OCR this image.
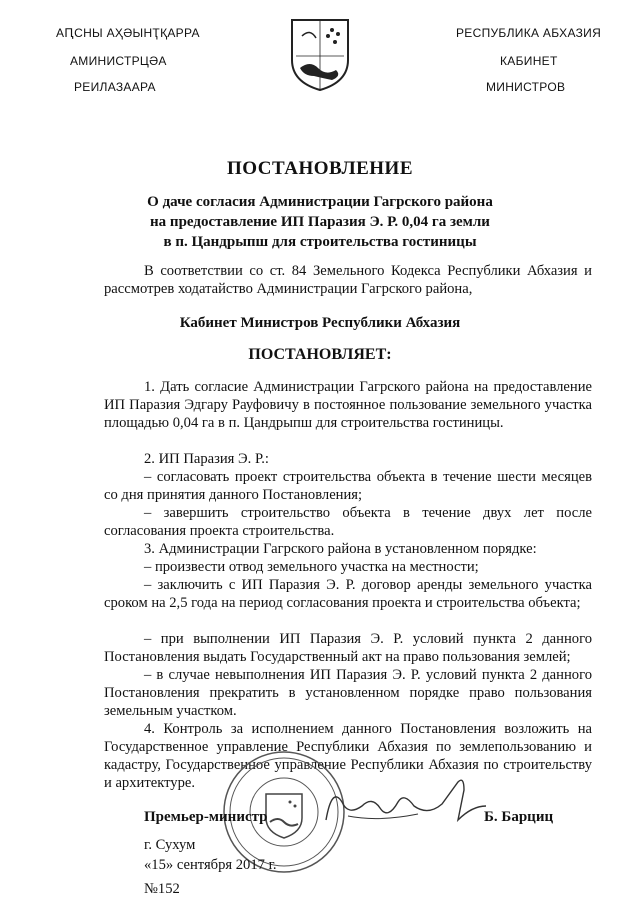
АԤСНЫ АҲӘЫНҬҚАРРА
АМИНИСТРЦӘА
РЕИЛАЗААРА
РЕСПУБЛИКА АБХАЗИЯ
КАБИНЕТ
МИНИСТРОВ
ПОСТАНОВЛЕНИЕ
О даче согласия Администрации Гагрского района
на предоставление ИП Паразия Э. Р. 0,04 га земли
в п. Цандрыпш для строительства гостиницы
В соответствии со ст. 84 Земельного Кодекса Республики Абхазия и рассмотрев ходатайство Администрации Гагрского района,
Кабинет Министров Республики Абхазия
ПОСТАНОВЛЯЕТ:
1. Дать согласие Администрации Гагрского района на предоставление ИП Паразия Эдгару Рауфовичу в постоянное пользование земельного участка площадью 0,04 га в п. Цандрыпш для строительства гостиницы.
2. ИП Паразия Э. Р.:
– согласовать проект строительства объекта в течение шести месяцев со дня принятия данного Постановления;
– завершить строительство объекта в течение двух лет после согласования проекта строительства.
3. Администрации Гагрского района в установленном порядке:
– произвести отвод земельного участка на местности;
– заключить с ИП Паразия Э. Р. договор аренды земельного участка сроком на 2,5 года на период согласования проекта и строительства объекта;
– при выполнении ИП Паразия Э. Р. условий пункта 2 данного Постановления выдать Государственный акт на право пользования землей;
– в случае невыполнения ИП Паразия Э. Р. условий пункта 2 данного Постановления прекратить в установленном порядке право пользования земельным участком.
4. Контроль за исполнением данного Постановления возложить на Государственное управление Республики Абхазия по землепользованию и кадастру, Государственное управление Республики Абхазия по строительству и архитектуре.
Премьер-министр	Б. Барциц
г. Сухум
«15» сентября 2017 г.
№152
